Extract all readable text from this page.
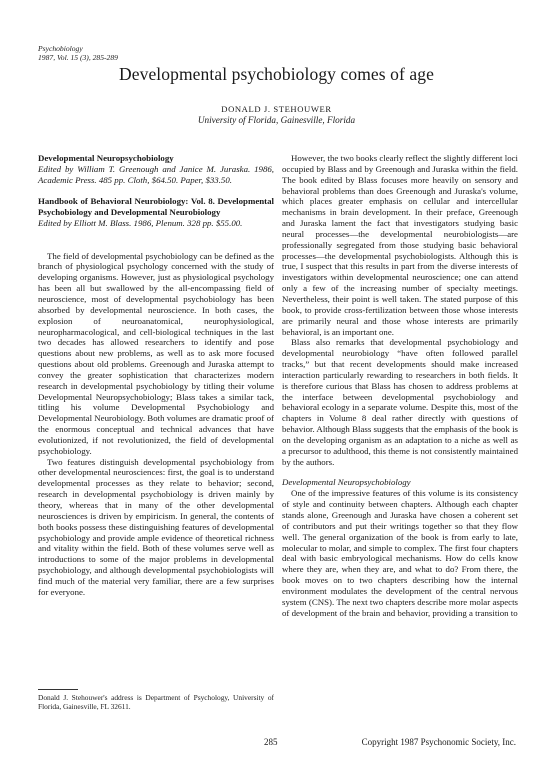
Psychobiology
1987, Vol. 15 (3), 285-289
Developmental psychobiology comes of age
DONALD J. STEHOUWER
University of Florida, Gainesville, Florida

Developmental Neuropsychobiology

Edited by William T. Greenough and Janice M. Juraska. 1986, Academic Press. 485 pp. Cloth, $64.50. Paper, $33.50.

Handbook of Behavioral Neurobiology: Vol. 8. Developmental Psychobiology and Developmental Neurobiology

Edited by Elliott M. Blass. 1986, Plenum. 328 pp. $55.00.

The field of developmental psychobiology can be defined as the branch of physiological psychology concerned with the study of developing organisms. However, just as physiological psychology has been all but swallowed by the all-encompassing field of neuroscience, most of developmental psychobiology has been absorbed by developmental neuroscience. In both cases, the explosion of neuroanatomical, neurophysiological, neuropharmacological, and cell-biological techniques in the last two decades has allowed researchers to identify and pose questions about new problems, as well as to ask more focused questions about old problems. Greenough and Juraska attempt to convey the greater sophistication that characterizes modern research in developmental psychobiology by titling their volume Developmental Neuropsychobiology; Blass takes a similar tack, titling his volume Developmental Psychobiology and Developmental Neurobiology. Both volumes are dramatic proof of the enormous conceptual and technical advances that have evolutionized, if not revolutionized, the field of developmental psychobiology.

Two features distinguish developmental psychobiology from other developmental neurosciences: first, the goal is to understand developmental processes as they relate to behavior; second, research in developmental psychobiology is driven mainly by theory, whereas that in many of the other developmental neurosciences is driven by empiricism. In general, the contents of both books possess these distinguishing features of developmental psychobiology and provide ample evidence of theoretical richness and vitality within the field. Both of these volumes serve well as introductions to some of the major problems in developmental psychobiology, and although developmental psychobiologists will find much of the material very familiar, there are a few surprises for everyone.

However, the two books clearly reflect the slightly different loci occupied by Blass and by Greenough and Juraska within the field. The book edited by Blass focuses more heavily on sensory and behavioral problems than does Greenough and Juraska's volume, which places greater emphasis on cellular and intercellular mechanisms in brain development. In their preface, Greenough and Juraska lament the fact that investigators studying basic neural processes—the developmental neurobiologists—are professionally segregated from those studying basic behavioral processes—the developmental psychobiologists. Although this is true, I suspect that this results in part from the diverse interests of investigators within developmental neuroscience; one can attend only a few of the increasing number of specialty meetings. Nevertheless, their point is well taken. The stated purpose of this book, to provide cross-fertilization between those whose interests are primarily neural and those whose interests are primarily behavioral, is an important one.

Blass also remarks that developmental psychobiology and developmental neurobiology “have often followed parallel tracks,” but that recent developments should make increased interaction particularly rewarding to researchers in both fields. It is therefore curious that Blass has chosen to address problems at the interface between developmental psychobiology and behavioral ecology in a separate volume. Despite this, most of the chapters in Volume 8 deal rather directly with questions of behavior. Although Blass suggests that the emphasis of the book is on the developing organism as an adaptation to a niche as well as a precursor to adulthood, this theme is not consistently maintained by the authors.

Developmental Neuropsychobiology

One of the impressive features of this volume is its consistency of style and continuity between chapters. Although each chapter stands alone, Greenough and Juraska have chosen a coherent set of contributors and put their writings together so that they flow well. The general organization of the book is from early to late, molecular to molar, and simple to complex. The first four chapters deal with basic embryological mechanisms. How do cells know where they are, when they are, and what to do? From there, the book moves on to two chapters describing how the internal environment modulates the development of the central nervous system (CNS). The next two chapters describe more molar aspects of development of the brain and behavior, providing a transition to

Donald J. Stehouwer's address is Department of Psychology, University of Florida, Gainesville, FL 32611.
285	Copyright 1987 Psychonomic Society, Inc.
